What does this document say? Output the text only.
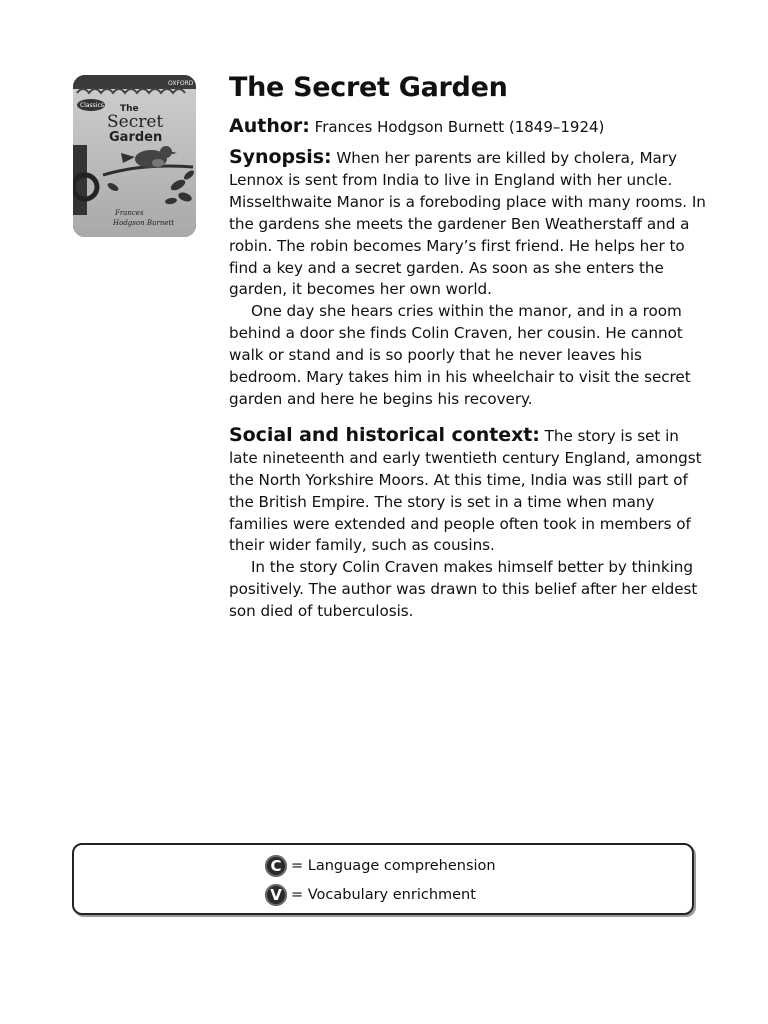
OXFORD
Classics The
Secret
Garden
Frances
Hodgson Burnett
The Secret Garden

Author: Frances Hodgson Burnett (1849–1924)

Synopsis: When her parents are killed by cholera, Mary Lennox is sent from India to live in England with her uncle. Misselthwaite Manor is a foreboding place with many rooms. In the gardens she meets the gardener Ben Weatherstaff and a robin. The robin becomes Mary’s first friend. He helps her to find a key and a secret garden. As soon as she enters the garden, it becomes her own world.

One day she hears cries within the manor, and in a room behind a door she finds Colin Craven, her cousin. He cannot walk or stand and is so poorly that he never leaves his bedroom. Mary takes him in his wheelchair to visit the secret garden and here he begins his recovery.

Social and historical context: The story is set in late nineteenth and early twentieth century England, amongst the North Yorkshire Moors. At this time, India was still part of the British Empire. The story is set in a time when many families were extended and people often took in members of their wider family, such as cousins.

In the story Colin Craven makes himself better by thinking positively. The author was drawn to this belief after her eldest son died of tuberculosis.

C = Language comprehension
V = Vocabulary enrichment
